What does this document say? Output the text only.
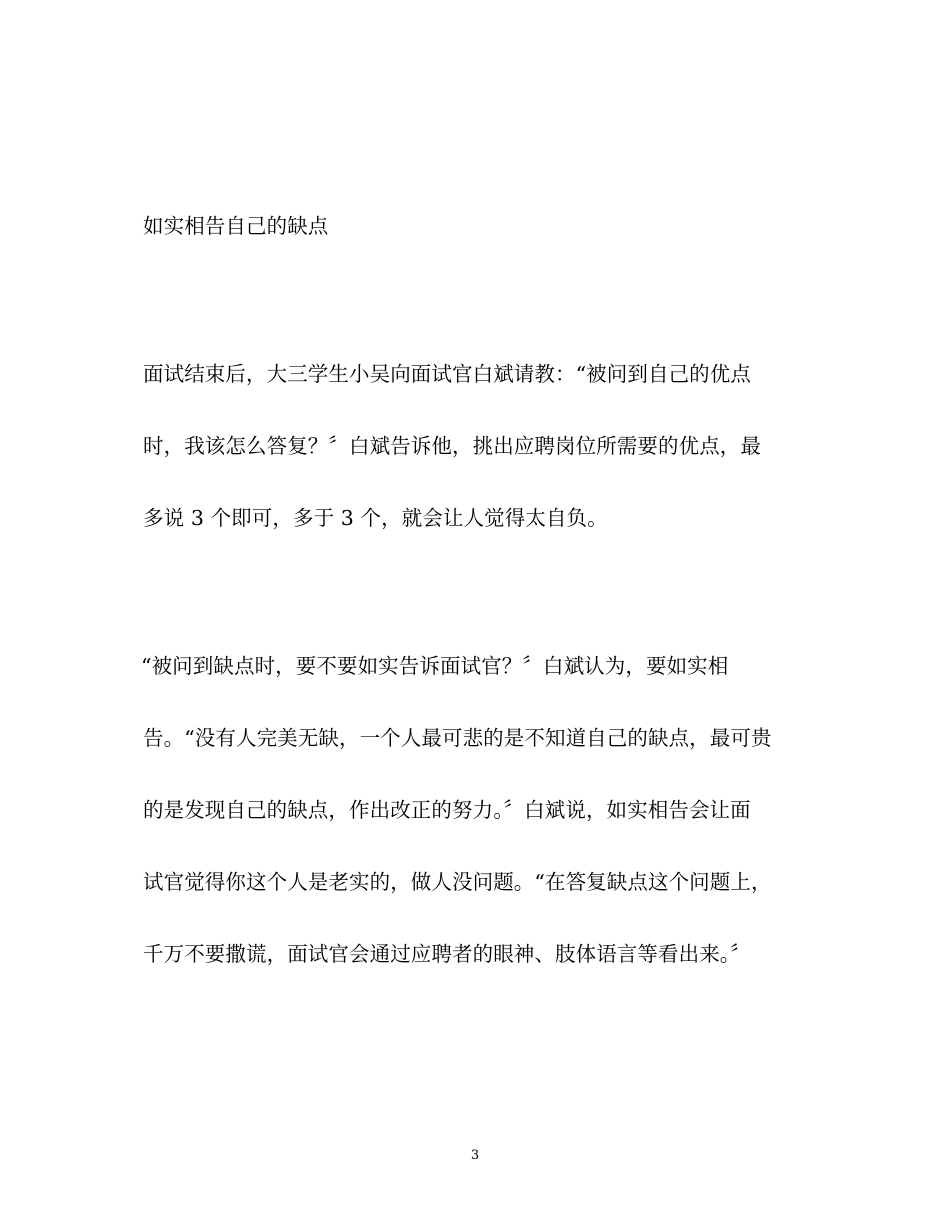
如实相告自己的缺点
面试结束后，大三学生小吴向面试官白斌请教：“被问到自己的优点
时，我该怎么答复？〞白斌告诉他，挑出应聘岗位所需要的优点，最
多说 3 个即可，多于 3 个，就会让人觉得太自负。
“被问到缺点时，要不要如实告诉面试官？〞白斌认为，要如实相
告。“没有人完美无缺，一个人最可悲的是不知道自己的缺点，最可贵
的是发现自己的缺点，作出改正的努力。〞白斌说，如实相告会让面
试官觉得你这个人是老实的，做人没问题。“在答复缺点这个问题上，
千万不要撒谎，面试官会通过应聘者的眼神、肢体语言等看出来。〞
3
